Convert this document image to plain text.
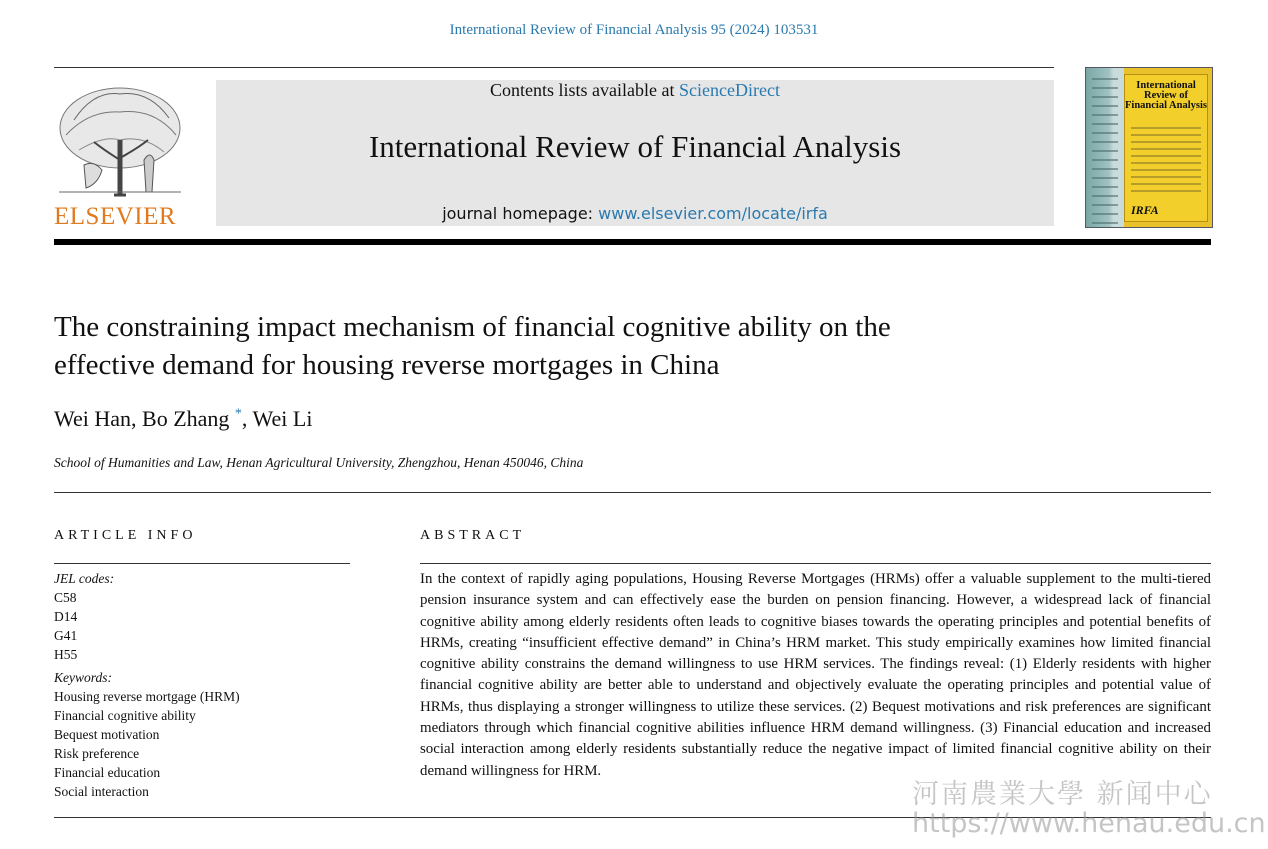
International Review of Financial Analysis 95 (2024) 103531
ELSEVIER
Contents lists available at ScienceDirect
International Review of Financial Analysis
journal homepage: www.elsevier.com/locate/irfa
International Review of Financial Analysis
IRFA
The constraining impact mechanism of financial cognitive ability on the
effective demand for housing reverse mortgages in China
Wei Han, Bo Zhang *, Wei Li
School of Humanities and Law, Henan Agricultural University, Zhengzhou, Henan 450046, China
ARTICLE INFO
JEL codes:
C58
D14
G41
H55
Keywords:
Housing reverse mortgage (HRM)
Financial cognitive ability
Bequest motivation
Risk preference
Financial education
Social interaction
ABSTRACT
In the context of rapidly aging populations, Housing Reverse Mortgages (HRMs) offer a valuable supplement to the multi-tiered pension insurance system and can effectively ease the burden on pension financing. However, a widespread lack of financial cognitive ability among elderly residents often leads to cognitive biases towards the operating principles and potential benefits of HRMs, creating “insufficient effective demand” in China’s HRM market. This study empirically examines how limited financial cognitive ability constrains the demand willingness to use HRM services. The findings reveal: (1) Elderly residents with higher financial cognitive ability are better able to understand and objectively evaluate the operating principles and potential value of HRMs, thus displaying a stronger willingness to utilize these services. (2) Bequest motivations and risk preferences are significant mediators through which financial cognitive abilities influence HRM demand willingness. (3) Financial education and increased social interaction among elderly residents substantially reduce the negative impact of limited financial cognitive ability on their demand willingness for HRM.
河南農業大學 新闻中心
https://www.henau.edu.cn
